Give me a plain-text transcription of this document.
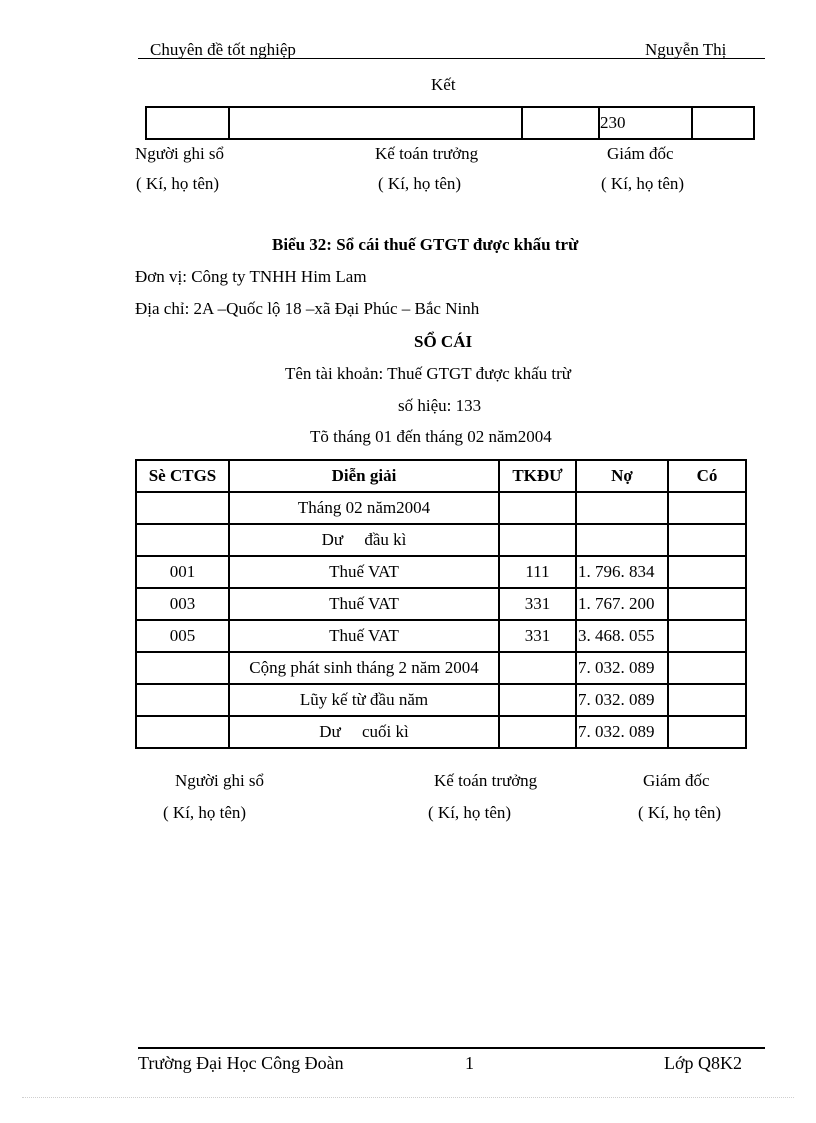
Chuyên đề tốt nghiệp	Nguyễn Thị
Kết
			230	
Người ghi sổ	Kế toán trưởng	Giám đốc
( Kí, họ tên)	( Kí, họ tên)	( Kí, họ tên)
Biểu 32: Sổ cái thuế GTGT được khấu trừ
Đơn vị: Công ty TNHH Him Lam
Địa chỉ: 2A –Quốc lộ 18 –xã Đại Phúc – Bắc Ninh
SỔ CÁI
Tên tài khoản: Thuế GTGT được khấu trừ
số hiệu: 133
Tõ tháng 01 đến tháng 02 năm2004
Sè CTGS	Diễn giải	TKĐƯ	Nợ	Có
	Tháng 02 năm2004			
	Dư     đầu kì			
001	Thuế VAT	111	1. 796. 834	
003	Thuế VAT	331	1. 767. 200	
005	Thuế VAT	331	3. 468. 055	
	Cộng phát sinh tháng 2 năm 2004		7. 032. 089	
	Lũy kế từ đầu năm		7. 032. 089	
	Dư     cuối kì		7. 032. 089	
Người ghi sổ	Kế toán trưởng	Giám đốc
( Kí, họ tên)	( Kí, họ tên)	( Kí, họ tên)
Trường Đại Học Công Đoàn	1	Lớp Q8K2
